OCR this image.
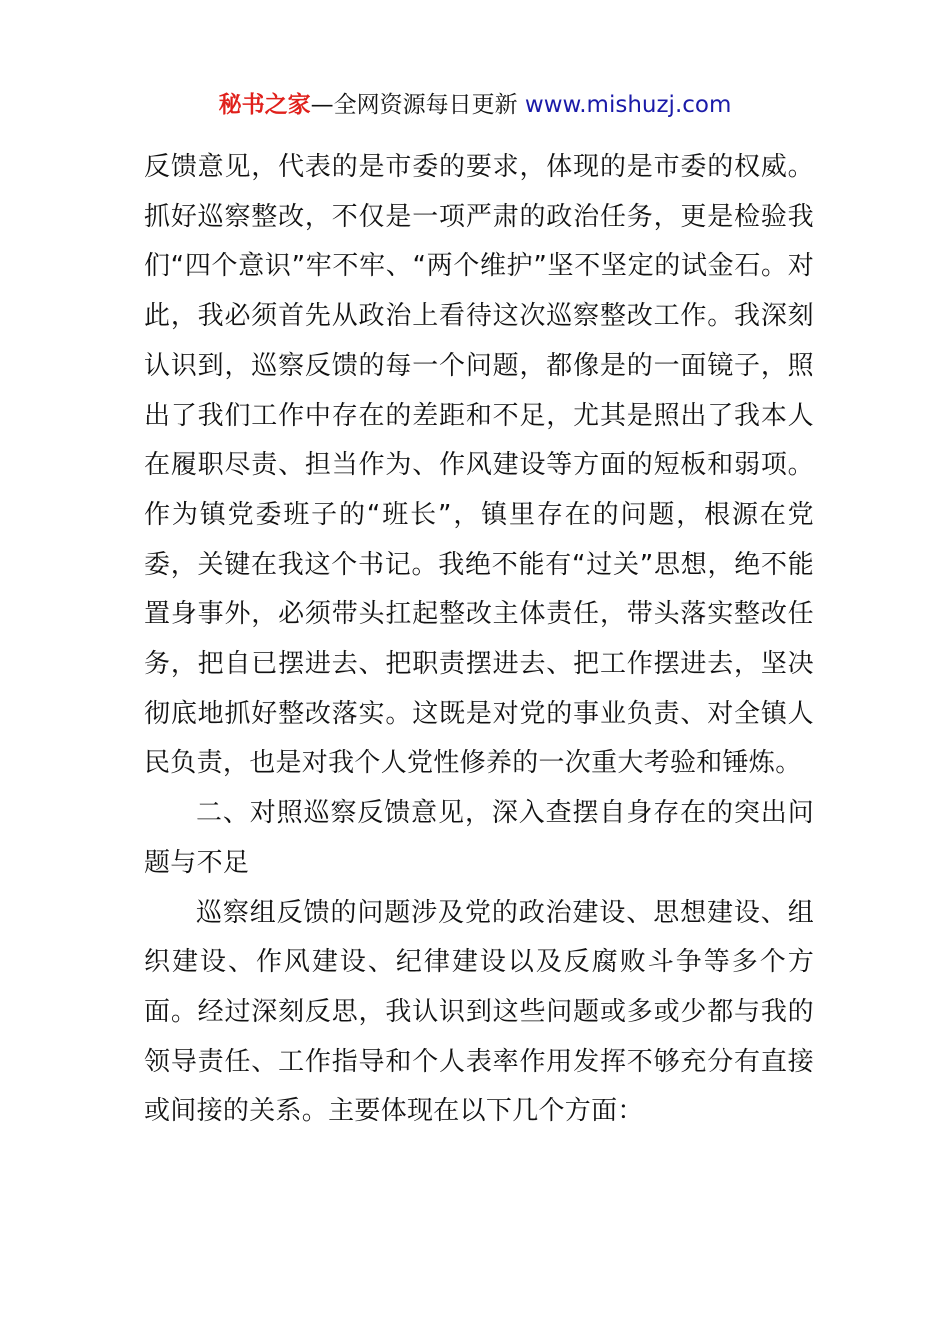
秘书之家—全网资源每日更新 www.mishuzj.com

反馈意见，代表的是市委的要求，体现的是市委的权威。抓好巡察整改，不仅是一项严肃的政治任务，更是检验我们“四个意识”牢不牢、“两个维护”坚不坚定的试金石。对此，我必须首先从政治上看待这次巡察整改工作。我深刻认识到，巡察反馈的每一个问题，都像是的一面镜子，照出了我们工作中存在的差距和不足，尤其是照出了我本人在履职尽责、担当作为、作风建设等方面的短板和弱项。作为镇党委班子的“班长”，镇里存在的问题，根源在党委，关键在我这个书记。我绝不能有“过关”思想，绝不能置身事外，必须带头扛起整改主体责任，带头落实整改任务，把自已摆进去、把职责摆进去、把工作摆进去，坚决彻底地抓好整改落实。这既是对党的事业负责、对全镇人民负责，也是对我个人党性修养的一次重大考验和锤炼。

二、对照巡察反馈意见，深入查摆自身存在的突出问题与不足

巡察组反馈的问题涉及党的政治建设、思想建设、组织建设、作风建设、纪律建设以及反腐败斗争等多个方面。经过深刻反思，我认识到这些问题或多或少都与我的领导责任、工作指导和个人表率作用发挥不够充分有直接或间接的关系。主要体现在以下几个方面：
